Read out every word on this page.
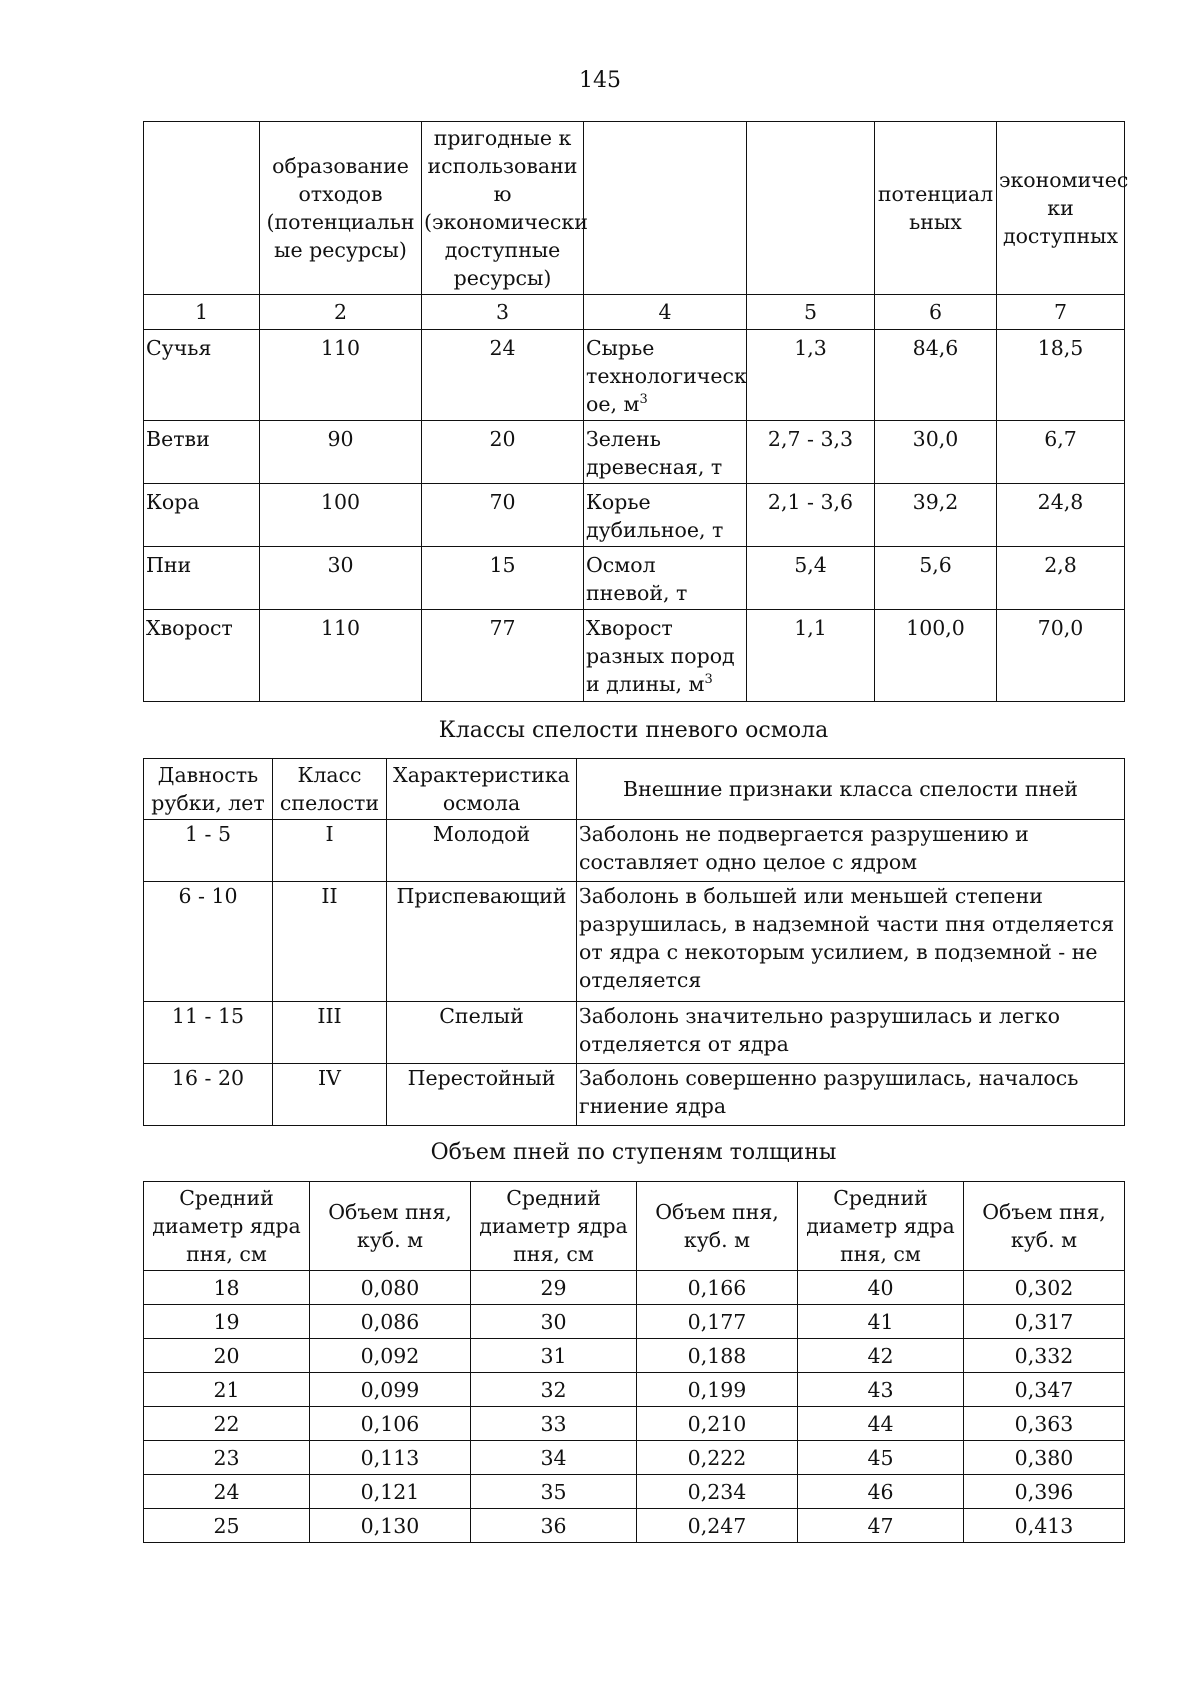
145
	образование отходов (потенциальн ые ресурсы)	пригодные к использовани ю (экономически доступные ресурсы)			потенциал ьных	экономичес ки доступных
1	2	3	4	5	6	7
Сучья	110	24	Сырье технологическ ое, $м^3$	1,3	84,6	18,5
Ветви	90	20	Зелень древесная, т	2,7 - 3,3	30,0	6,7
Кора	100	70	Корье дубильное, т	2,1 - 3,6	39,2	24,8
Пни	30	15	Осмол пневой, т	5,4	5,6	2,8
Хворост	110	77	Хворост разных пород и длины, $м^3$	1,1	100,0	70,0
Классы спелости пневого осмола
Давность рубки, лет	Класс спелости	Характеристика осмола	Внешние признаки класса спелости пней
1 - 5	I	Молодой	Заболонь не подвергается разрушению и составляет одно целое с ядром
6 - 10	II	Приспевающий	Заболонь в большей или меньшей степени разрушилась, в надземной части пня отделяется от ядра с некоторым усилием, в подземной - не отделяется
11 - 15	III	Спелый	Заболонь значительно разрушилась и легко отделяется от ядра
16 - 20	IV	Перестойный	Заболонь совершенно разрушилась, началось гниение ядра
Объем пней по ступеням толщины
Средний диаметр ядра пня, см	Объем пня, куб. м	Средний диаметр ядра пня, см	Объем пня, куб. м	Средний диаметр ядра пня, см	Объем пня, куб. м
18	0,080	29	0,166	40	0,302
19	0,086	30	0,177	41	0,317
20	0,092	31	0,188	42	0,332
21	0,099	32	0,199	43	0,347
22	0,106	33	0,210	44	0,363
23	0,113	34	0,222	45	0,380
24	0,121	35	0,234	46	0,396
25	0,130	36	0,247	47	0,413
